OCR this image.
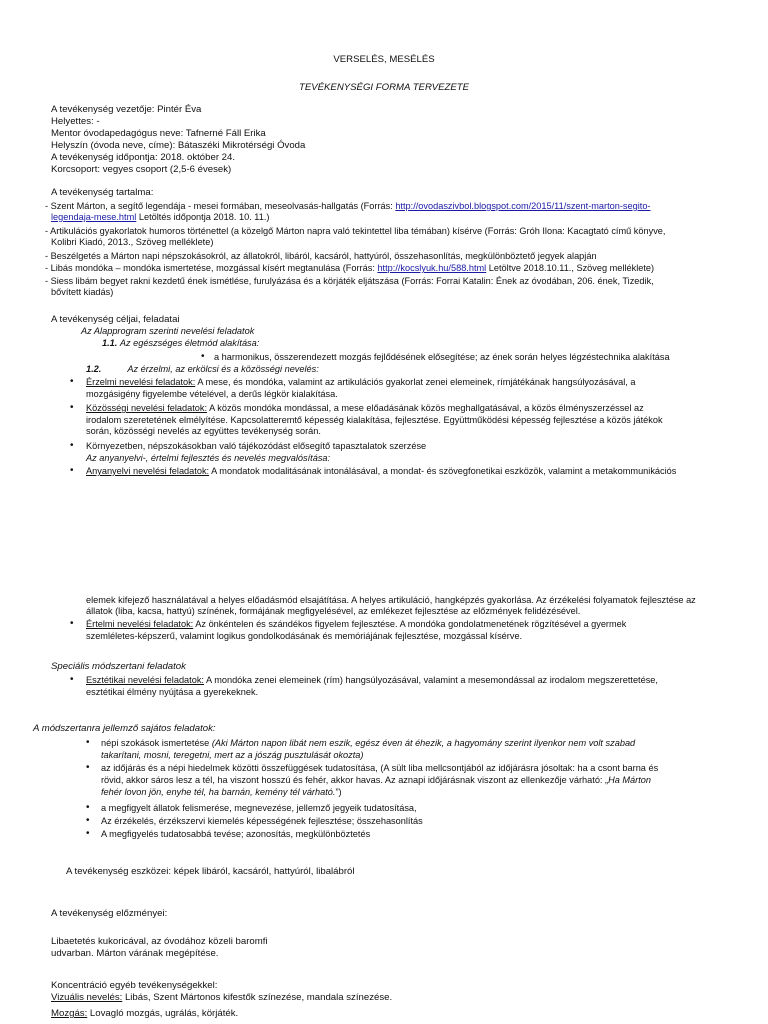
VERSELÉS, MESÉLÉS
TEVÉKENYSÉGI FORMA TERVEZETE
A tevékenység vezetője: Pintér Éva
Helyettes: -
Mentor óvodapedagógus neve: Tafnerné Fáll Erika
Helyszín (óvoda neve, címe): Bátaszéki Mikrotérségi Óvoda
A tevékenység időpontja: 2018. október 24.
Korcsoport: vegyes csoport (2,5-6 évesek)
A tevékenység tartalma:
- Szent Márton, a segítő legendája - mesei formában, meseolvasás-hallgatás (Forrás: http://ovodaszivbol.blogspot.com/2015/11/szent-marton-segito-
legendaja-mese.html Letöltés időpontja 2018. 10. 11.)
- Artikulációs gyakorlatok humoros történettel (a közelgő Márton napra való tekintettel liba témában) kísérve (Forrás: Gróh Ilona: Kacagtató című könyve,
Kolibri Kiadó, 2013., Szöveg melléklete)
- Beszélgetés a Márton napi népszokásokról, az állatokról, libáról, kacsáról, hattyúról, összehasonlítás, megkülönböztető jegyek alapján
- Libás mondóka – mondóka ismertetése, mozgással kísért megtanulása (Forrás: http://kocslyuk.hu/588.html Letöltve 2018.10.11., Szöveg melléklete)
- Siess libám begyet rakni kezdetű ének ismétlése, furulyázása és a körjáték eljátszása (Forrás: Forrai Katalin: Ének az óvodában, 206. ének, Tizedik,
bővített kiadás)
A tevékenység céljai, feladatai
Az Alapprogram szerinti nevelési feladatok
1.1. Az egészséges életmód alakítása:
•	a harmonikus, összerendezett mozgás fejlődésének elősegítése; az ének során helyes légzéstechnika alakítása
1.2.	Az érzelmi, az erkölcsi és a közösségi nevelés:
•	Érzelmi nevelési feladatok: A mese, és mondóka, valamint az artikulációs gyakorlat zenei elemeinek, rímjátékának hangsúlyozásával, a
mozgásigény figyelembe vételével, a derűs légkör kialakítása.
•	Közösségi nevelési feladatok: A közös mondóka mondással, a mese előadásának közös meghallgatásával, a közös élményszerzéssel az
irodalom szeretetének elmélyítése. Kapcsolatteremtő képesség kialakítása, fejlesztése. Együttműködési képesség fejlesztése a közös játékok
során, közösségi nevelés az együttes tevékenység során.
•	Környezetben, népszokásokban való tájékozódást elősegítő tapasztalatok szerzése
Az anyanyelvi-, értelmi fejlesztés és nevelés megvalósítása:
•	Anyanyelvi nevelési feladatok: A mondatok modalitásának intonálásával, a mondat- és szövegfonetikai eszközök, valamint a metakommunikációs
elemek kifejező használatával a helyes előadásmód elsajátítása. A helyes artikuláció, hangképzés gyakorlása. Az érzékelési folyamatok fejlesztése az
állatok (liba, kacsa, hattyú) színének, formájának megfigyelésével, az emlékezet fejlesztése az előzmények felidézésével.
•	Értelmi nevelési feladatok: Az önkéntelen és szándékos figyelem fejlesztése. A mondóka gondolatmenetének rögzítésével a gyermek
szemléletes-képszerű, valamint logikus gondolkodásának és memóriájának fejlesztése, mozgással kísérve.
Speciális módszertani feladatok
•	Esztétikai nevelési feladatok: A mondóka zenei elemeinek (rím) hangsúlyozásával, valamint a mesemondással az irodalom megszerettetése,
esztétikai élmény nyújtása a gyerekeknek.
A módszertanra jellemző sajátos feladatok:
•	népi szokások ismertetése (Aki Márton napon libát nem eszik, egész éven át éhezik, a hagyomány szerint ilyenkor nem volt szabad
takarítani, mosni, teregetni, mert az a jószág pusztulását okozta)
•	az időjárás és a népi hiedelmek közötti összefüggések tudatosítása, (A sült liba mellcsontjából az időjárásra jósoltak: ha a csont barna és
rövid, akkor sáros lesz a tél, ha viszont hosszú és fehér, akkor havas. Az aznapi időjárásnak viszont az ellenkezője várható: „Ha Márton
fehér lovon jön, enyhe tél, ha barnán, kemény tél várható.”)
•	a megfigyelt állatok felismerése, megnevezése, jellemző jegyeik tudatosítása,
•	Az érzékelés, érzékszervi kiemelés képességének fejlesztése; összehasonlítás
•	A megfigyelés tudatosabbá tevése; azonosítás, megkülönböztetés
A tevékenység eszközei: képek libáról, kacsáról, hattyúról, libalábról
A tevékenység előzményei:
Libaetetés kukoricával, az óvodához közeli baromfi
udvarban. Márton várának megépítése.
Koncentráció egyéb tevékenységekkel:
Vizuális nevelés: Libás, Szent Mártonos kifestők színezése, mandala színezése.
Mozgás: Lovagló mozgás, ugrálás, körjáték.
